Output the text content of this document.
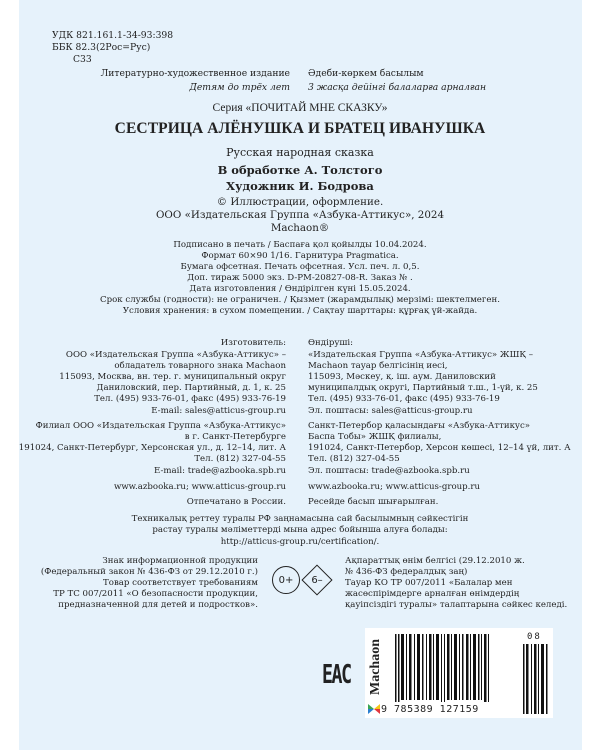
УДК 821.161.1-34-93:398
ББК 82.3(2Рос=Рус)
С33
Литературно-художественное издание
Детям до трёх лет
Әдеби-көркем басылым
3 жасқа дейінгі балаларға арналған
Серия «ПОЧИТАЙ МНЕ СКАЗКУ»
СЕСТРИЦА АЛЁНУШКА И БРАТЕЦ ИВАНУШКА
Русская народная сказка
В обработке А. Толстого
Художник И. Бодрова
© Иллюстрации, оформление.
ООО «Издательская Группа «Азбука-Аттикус», 2024
Machaon®
Подписано в печать / Баспаға қол қойылды 10.04.2024.
Формат 60×90 1/16. Гарнитура Pragmatica.
Бумага офсетная. Печать офсетная. Усл. печ. л. 0,5.
Доп. тираж 5000 экз. D-PM-20827-08-R. Заказ № .
Дата изготовления / Өндірілген күні 15.05.2024.
Срок службы (годности): не ограничен. / Қызмет (жарамдылық) мерзімі: шектелмеген.
Условия хранения: в сухом помещении. / Сақтау шарттары: құрғақ үй-жайда.
Изготовитель:
ООО «Издательская Группа «Азбука-Аттикус» –
обладатель товарного знака Machaon
115093, Москва, вн. тер. г. муниципальный округ
Даниловский, пер. Партийный, д. 1, к. 25
Тел. (495) 933-76-01, факс (495) 933-76-19
E-mail: sales@atticus-group.ru
Өндіруші:
«Издательская Группа «Азбука-Аттикус» ЖШҚ –
Machaon тауар белгісінің иесі,
115093, Мәскеу, қ. іш. аум. Даниловский
муниципалдық округі, Партийный т.ш., 1-үй, к. 25
Тел. (495) 933-76-01, факс (495) 933-76-19
Эл. поштасы: sales@atticus-group.ru
Филиал ООО «Издательская Группа «Азбука-Аттикус»
в г. Санкт-Петербурге
191024, Санкт-Петербург, Херсонская ул., д. 12–14, лит. А
Тел. (812) 327-04-55
E-mail: trade@azbooka.spb.ru
Санкт-Петербор қаласындағы «Азбука-Аттикус»
Баспа Тобы» ЖШҚ филиалы,
191024, Санкт-Петербор, Херсон көшесі, 12–14 үй, лит. А
Тел. (812) 327-04-55
Эл. поштасы: trade@azbooka.spb.ru
www.azbooka.ru; www.atticus-group.ru	www.azbooka.ru; www.atticus-group.ru
Отпечатано в России.	Ресейде басып шығарылған.
Техникалық реттеу туралы РФ заңнамасына сай басылымның сәйкестігін
растау туралы мәліметтерді мына адрес бойынша алуға болады:
http://atticus-group.ru/certification/.
Знак информационной продукции
(Федеральный закон № 436-ФЗ от 29.12.2010 г.)
Товар соответствует требованиям
ТР ТС 007/2011 «О безопасности продукции,
предназначенной для детей и подростков».
0+ 6–
Ақпараттық өнім белгісі (29.12.2010 ж.
№ 436-ФЗ федералдық заң)
Тауар КО ТР 007/2011 «Балалар мен
жасөспірімдерге арналған өнімдердің
қауіпсіздігі туралы» талаптарына сәйкес келеді.
EAC Machaon
9 785389 127159
08
